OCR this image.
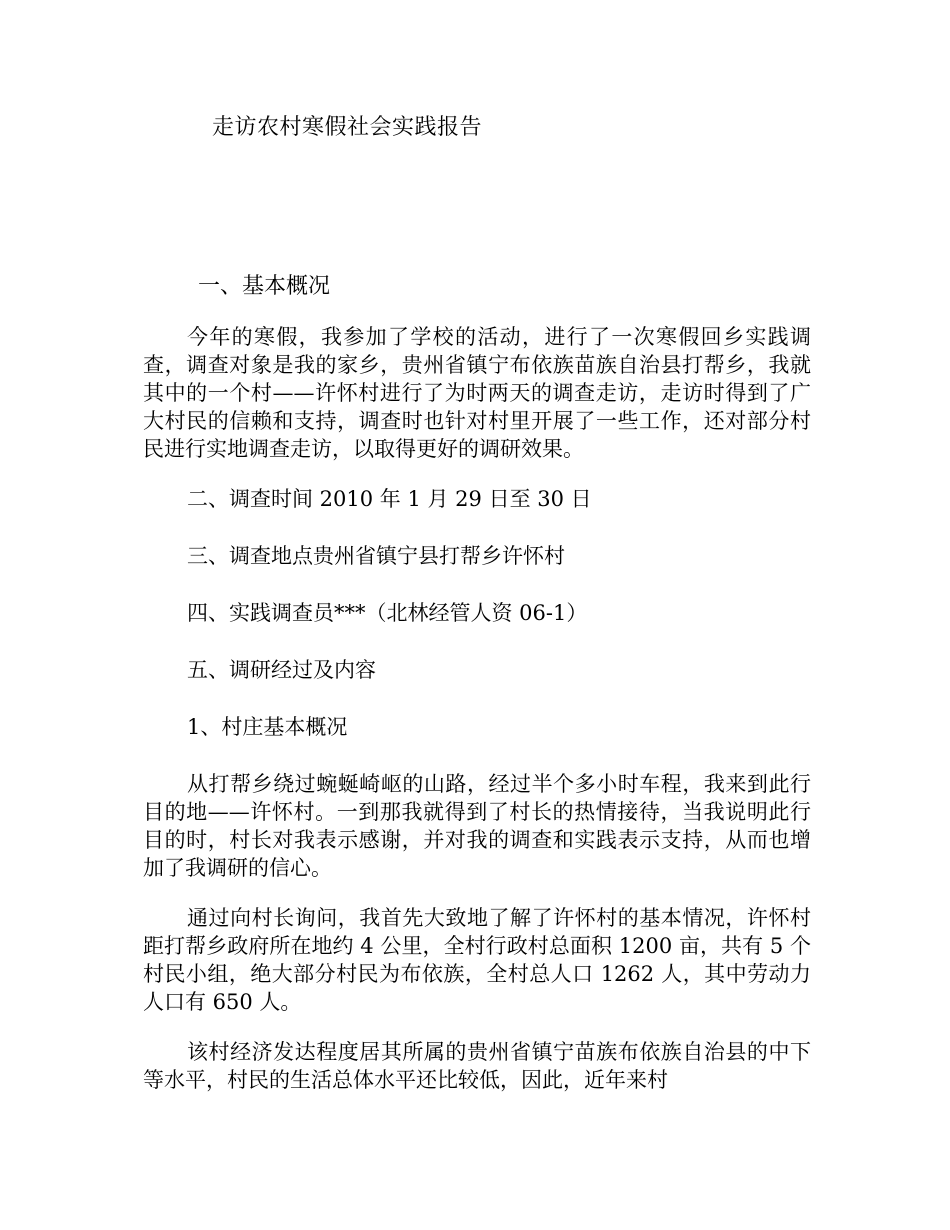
走访农村寒假社会实践报告
一、基本概况

今年的寒假，我参加了学校的活动，进行了一次寒假回乡实践调查，调查对象是我的家乡，贵州省镇宁布依族苗族自治县打帮乡，我就其中的一个村——许怀村进行了为时两天的调查走访，走访时得到了广大村民的信赖和支持，调查时也针对村里开展了一些工作，还对部分村民进行实地调查走访，以取得更好的调研效果。

二、调查时间 2010 年 1 月 29 日至 30 日

三、调查地点贵州省镇宁县打帮乡许怀村

四、实践调查员***（北林经管人资 06-1）

五、调研经过及内容

1、村庄基本概况

从打帮乡绕过蜿蜒崎岖的山路，经过半个多小时车程，我来到此行目的地——许怀村。一到那我就得到了村长的热情接待，当我说明此行目的时，村长对我表示感谢，并对我的调查和实践表示支持，从而也增加了我调研的信心。

通过向村长询问，我首先大致地了解了许怀村的基本情况，许怀村距打帮乡政府所在地约 4 公里，全村行政村总面积 1200 亩，共有 5 个村民小组，绝大部分村民为布依族，全村总人口 1262 人，其中劳动力人口有 650 人。

该村经济发达程度居其所属的贵州省镇宁苗族布依族自治县的中下等水平，村民的生活总体水平还比较低，因此，近年来村
